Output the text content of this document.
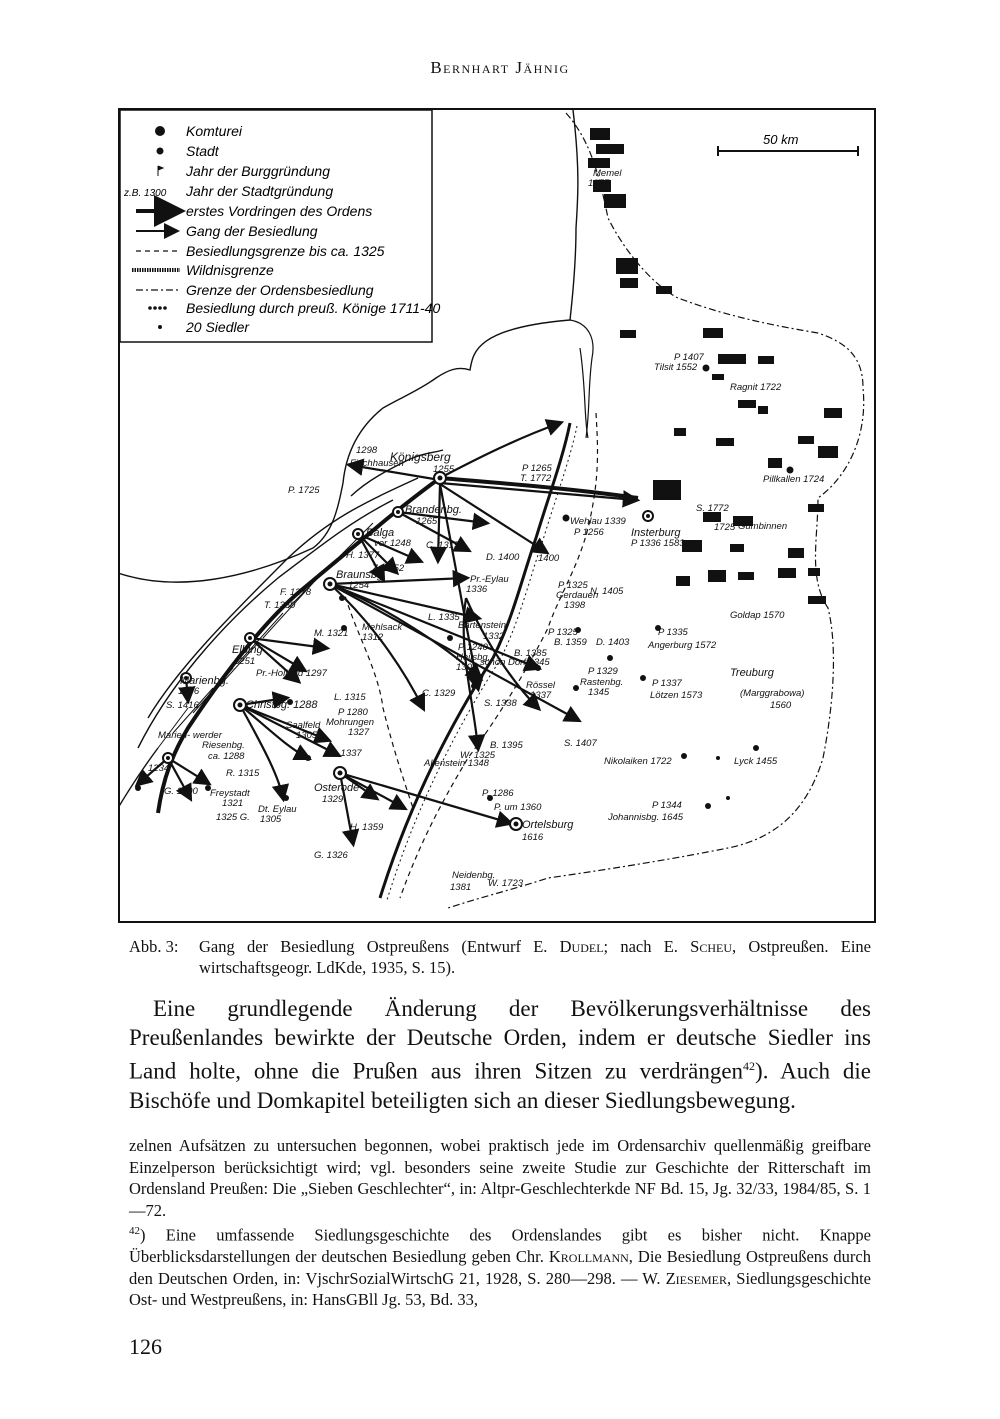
Bernhart Jähnig
Komturei
Stadt
Jahr der Burggründung
z.B. 1300 Jahr der Stadtgründung
erstes Vordringen des Ordens
Gang der Besiedlung
Besiedlungsgrenze bis ca. 1325
Wildnisgrenze
Grenze der Ordensbesiedlung
Besiedlung durch preuß. Könige 1711-40
20 Siedler
50 km
Memel
1257
P 1407
Tilsit 1552
Ragnit 1722
Pillkallen 1724
1298
Fischhausen
Königsberg
1255
P. 1725
P 1265
T. 1772
Brandenbg.
1265
Balga
vor 1248 C. 1315
Wehlau 1339
P 1256 Insterburg
P 1336 1583
S. 1772
Gumbinnen
1725
D. 1400 1400
H. 1377
Z. 1352
Braunsbg.
1254
F. 1278
T. 1350
Pr.-Eylau
1336
L. 1335
P 1325
Gerdauen
1398
N. 1405
Goldap 1570
Elbing
1251
M. 1321
Mehlsack
1312
Bartenstein
1332	P 1325
B. 1359 D. 1403
P 1335
Angerburg 1572
Marienbg.
1276
Pr.-Holland 1297
P 1240
Heilsbg.
1308
B. 1385
schön Dorf 1345
P 1329
Rastenbg.
1345
P 1337
Lötzen 1573
Treuburg
(Marggrabowa)
1560
S. 1416
L. 1315	C. 1329
S. 1338
Rössel
1337
Christbg. 1288
P 1280
Mohrungen
1327
Saalfeld
1305
L. 1337
Marien- werder
1234
Riesenbg.
ca. 1288
R. 1315
W. 1325
B. 1395	S. 1407
Allenstein 1348	Nikolaiken 1722	Lyck 1455
G. 1300 Freystadt
1321
Dt. Eylau
1305
1325 G.
Osterode
1329
H. 1359
P. 1286
Ortelsburg
1616
P. um 1360	P 1344
Johannisbg. 1645
G. 1326
Neidenbg.
1381 W. 1723
Abb. 3: Gang der Besiedlung Ostpreußens (Entwurf E. Dudel; nach E. Scheu, Ostpreußen. Eine wirtschaftsgeogr. LdKde, 1935, S. 15).
Eine grundlegende Änderung der Bevölkerungsverhältnisse des Preußenlandes bewirkte der Deutsche Orden, indem er deutsche Siedler ins Land holte, ohne die Prußen aus ihren Sitzen zu verdrängen$^{42}$). Auch die Bischöfe und Domkapitel beteiligten sich an dieser Siedlungsbewegung.

zelnen Aufsätzen zu untersuchen begonnen, wobei praktisch jede im Ordensarchiv quellenmäßig greifbare Einzelperson berücksichtigt wird; vgl. besonders seine zweite Studie zur Geschichte der Ritterschaft im Ordensland Preußen: Die „Sieben Geschlechter“, in: Altpr-Geschlechterkde NF Bd. 15, Jg. 32/33, 1984/85, S. 1—72.

$^{42}$) Eine umfassende Siedlungsgeschichte des Ordenslandes gibt es bisher nicht. Knappe Überblicksdarstellungen der deutschen Besiedlung geben Chr. Krollmann, Die Besiedlung Ostpreußens durch den Deutschen Orden, in: VjschrSozialWirtschG 21, 1928, S. 280—298. — W. Ziesemer, Siedlungsgeschichte Ost- und Westpreußens, in: HansGBll Jg. 53, Bd. 33,

126
